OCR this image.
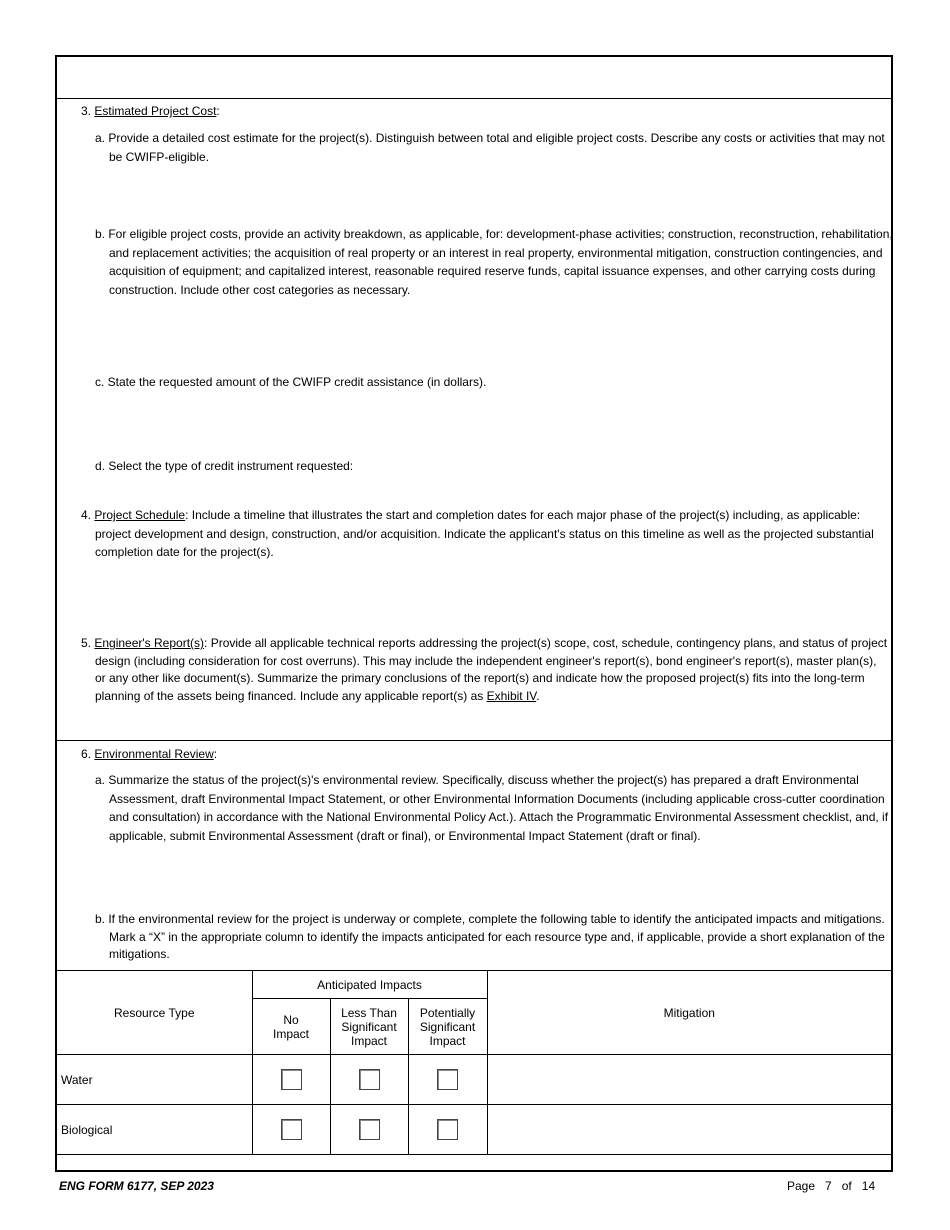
3. Estimated Project Cost:

a. Provide a detailed cost estimate for the project(s). Distinguish between total and eligible project costs. Describe any costs or activities that may not be CWIFP-eligible.

b. For eligible project costs, provide an activity breakdown, as applicable, for: development-phase activities; construction, reconstruction, rehabilitation, and replacement activities; the acquisition of real property or an interest in real property, environmental mitigation, construction contingencies, and acquisition of equipment; and capitalized interest, reasonable required reserve funds, capital issuance expenses, and other carrying costs during construction. Include other cost categories as necessary.

c. State the requested amount of the CWIFP credit assistance (in dollars).

d. Select the type of credit instrument requested:

4. Project Schedule: Include a timeline that illustrates the start and completion dates for each major phase of the project(s) including, as applicable: project development and design, construction, and/or acquisition. Indicate the applicant's status on this timeline as well as the projected substantial completion date for the project(s).

5. Engineer's Report(s): Provide all applicable technical reports addressing the project(s) scope, cost, schedule, contingency plans, and status of project design (including consideration for cost overruns). This may include the independent engineer's report(s), bond engineer's report(s), master plan(s), or any other like document(s). Summarize the primary conclusions of the report(s) and indicate how the proposed project(s) fits into the long-term planning of the assets being financed. Include any applicable report(s) as Exhibit IV.

6. Environmental Review:

a. Summarize the status of the project(s)'s environmental review. Specifically, discuss whether the project(s) has prepared a draft Environmental Assessment, draft Environmental Impact Statement, or other Environmental Information Documents (including applicable cross-cutter coordination and consultation) in accordance with the National Environmental Policy Act.). Attach the Programmatic Environmental Assessment checklist, and, if applicable, submit Environmental Assessment (draft or final), or Environmental Impact Statement (draft or final).

b. If the environmental review for the project is underway or complete, complete the following table to identify the anticipated impacts and mitigations. Mark a “X” in the appropriate column to identify the impacts anticipated for each resource type and, if applicable, provide a short explanation of the mitigations.

Resource Type	Anticipated Impacts			Mitigation
	No Impact	Less Than Significant Impact	Potentially Significant Impact	
Water				
Biological				
ENG FORM 6177, SEP 2023	Page 7 of 14
